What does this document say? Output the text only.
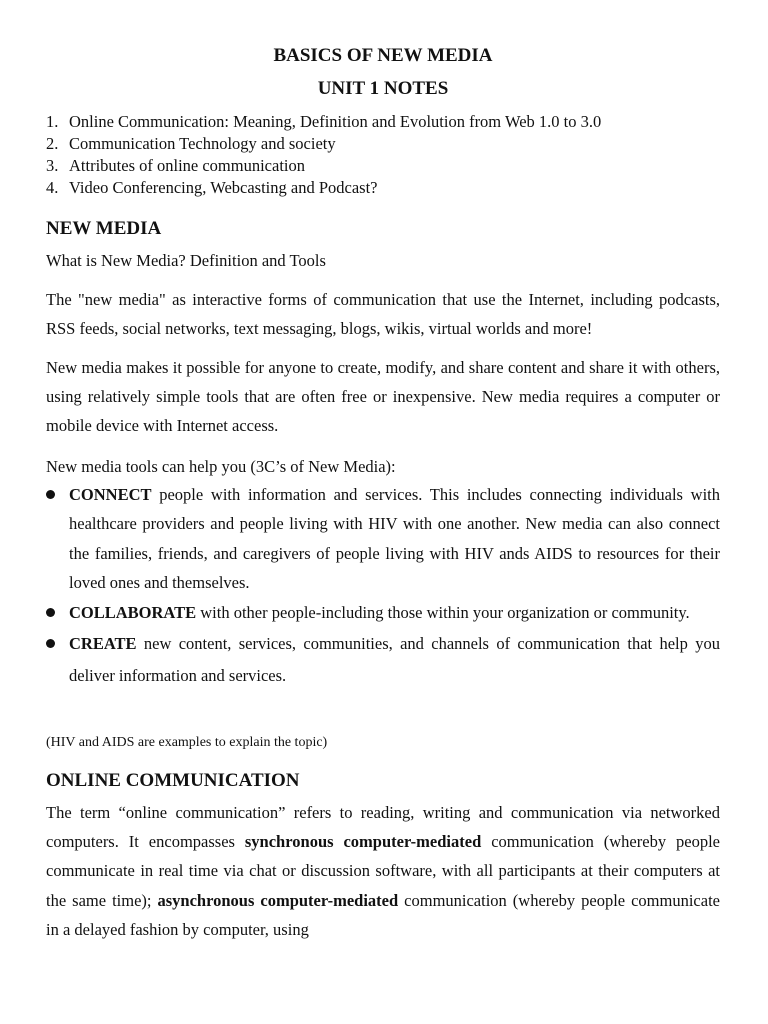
BASICS OF NEW MEDIA
UNIT 1 NOTES
1. Online Communication: Meaning, Definition and Evolution from Web 1.0 to 3.0
2. Communication Technology and society
3. Attributes of online communication
4. Video Conferencing, Webcasting and Podcast?
NEW MEDIA

What is New Media? Definition and Tools

The "new media" as interactive forms of communication that use the Internet, including podcasts, RSS feeds, social networks, text messaging, blogs, wikis, virtual worlds and more!

New media makes it possible for anyone to create, modify, and share content and share it with others, using relatively simple tools that are often free or inexpensive. New media requires a computer or mobile device with Internet access.

New media tools can help you (3C’s of New Media):

CONNECT people with information and services. This includes connecting individuals with healthcare providers and people living with HIV with one another. New media can also connect the families, friends, and caregivers of people living with HIV ands AIDS to resources for their loved ones and themselves.
COLLABORATE with other people-including those within your organization or community.
CREATE new content, services, communities, and channels of communication that help you deliver information and services.

(HIV and AIDS are examples to explain the topic)

ONLINE COMMUNICATION

The term “online communication” refers to reading, writing and communication via networked computers. It encompasses synchronous computer-mediated communication (whereby people communicate in real time via chat or discussion software, with all participants at their computers at the same time); asynchronous computer-mediated communication (whereby people communicate in a delayed fashion by computer, using
